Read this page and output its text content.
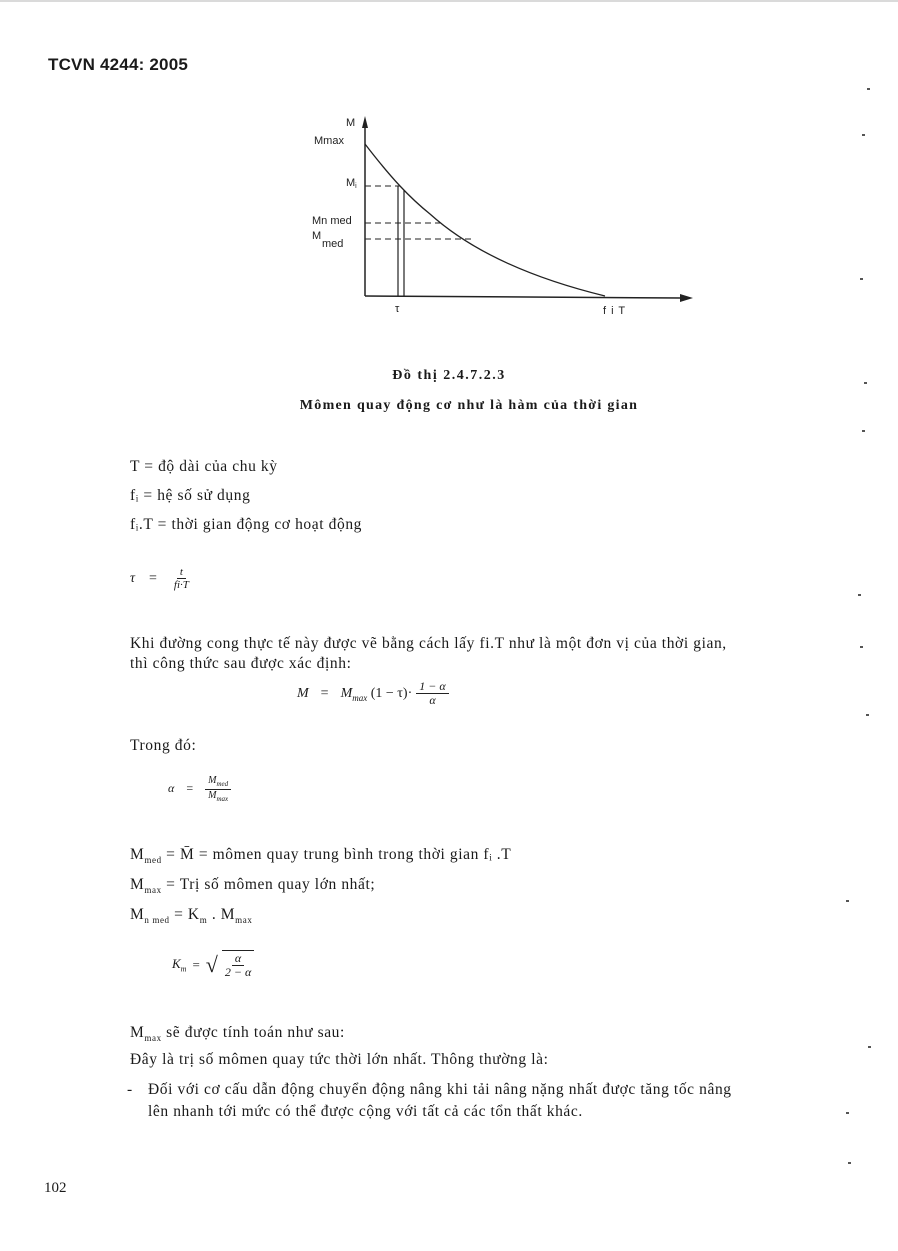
TCVN 4244: 2005
M
Mmax
Mi
Mn med
M
med
τ	f i T
Đồ thị 2.4.7.2.3
Mômen quay động cơ như là hàm của thời gian
T = độ dài của chu kỳ
fᵢ = hệ số sử dụng
fᵢ.T = thời gian động cơ hoạt động
$\tau = \frac{t}{fi\cdot T}$
Khi đường cong thực tế này được vẽ bằng cách lấy fi.T như là một đơn vị của thời gian,
thì công thức sau được xác định:
$M = M_{max}$ $(1 - \tau)\cdot \frac{1 - \alpha}{\alpha}$
Trong đó:
$\alpha = \frac{M_{med}}{M_{max}}$
$M_{med}$ = M̄ = mômen quay trung bình trong thời gian fᵢ .T
$M_{max}$ = Trị số mômen quay lớn nhất;
$M_{n med} = K_m$ . $M_{max}$
$K_m$ = √ $\frac{\alpha}{2 - \alpha}$
$M_{max}$ sẽ được tính toán như sau:
Đây là trị số mômen quay tức thời lớn nhất. Thông thường là:
- Đối với cơ cấu dẫn động chuyển động nâng khi tải nâng nặng nhất được tăng tốc nâng
lên nhanh tới mức có thể được cộng với tất cả các tổn thất khác.
102
